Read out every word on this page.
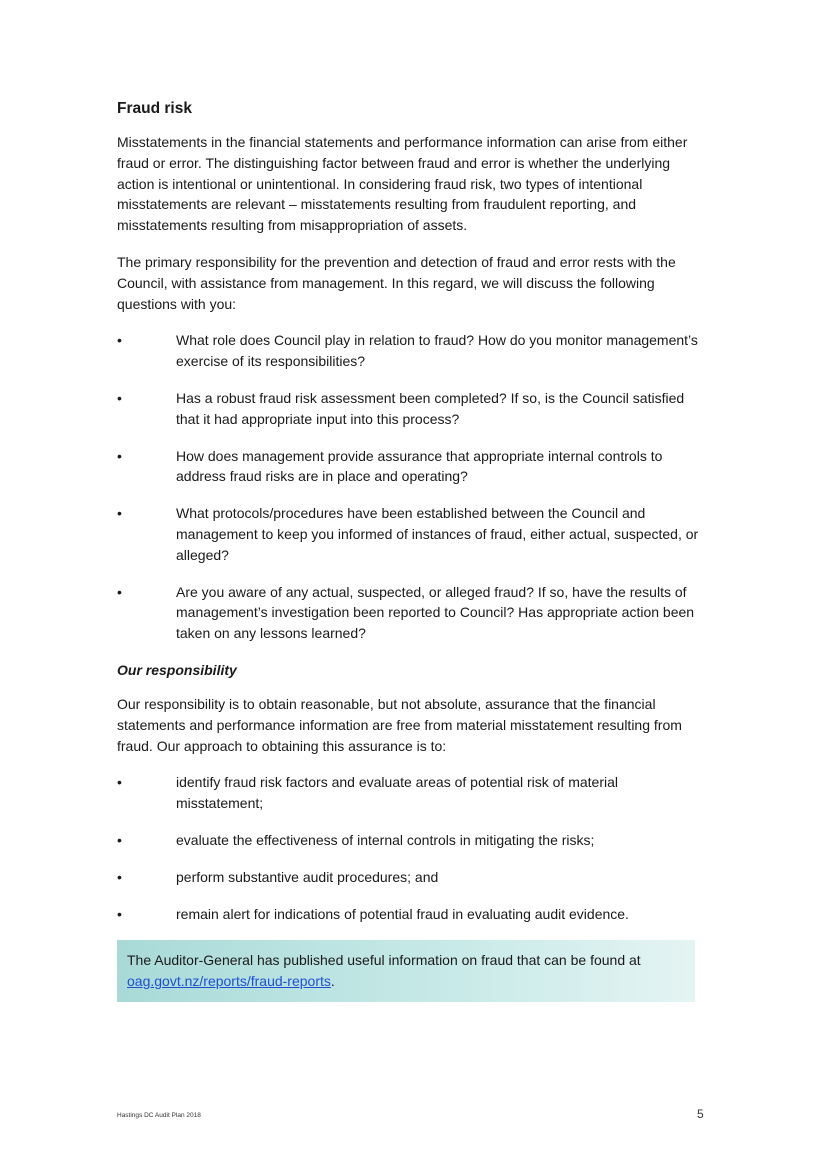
Fraud risk

Misstatements in the financial statements and performance information can arise from either fraud or error. The distinguishing factor between fraud and error is whether the underlying action is intentional or unintentional. In considering fraud risk, two types of intentional misstatements are relevant – misstatements resulting from fraudulent reporting, and misstatements resulting from misappropriation of assets.

The primary responsibility for the prevention and detection of fraud and error rests with the Council, with assistance from management. In this regard, we will discuss the following questions with you:

•	What role does Council play in relation to fraud? How do you monitor management’s exercise of its responsibilities?
•	Has a robust fraud risk assessment been completed? If so, is the Council satisfied that it had appropriate input into this process?
•	How does management provide assurance that appropriate internal controls to address fraud risks are in place and operating?
•	What protocols/procedures have been established between the Council and management to keep you informed of instances of fraud, either actual, suspected, or alleged?
•	Are you aware of any actual, suspected, or alleged fraud? If so, have the results of management’s investigation been reported to Council? Has appropriate action been taken on any lessons learned?
Our responsibility

Our responsibility is to obtain reasonable, but not absolute, assurance that the financial statements and performance information are free from material misstatement resulting from fraud. Our approach to obtaining this assurance is to:

•	identify fraud risk factors and evaluate areas of potential risk of material misstatement;
•	evaluate the effectiveness of internal controls in mitigating the risks;
•	perform substantive audit procedures; and
•	remain alert for indications of potential fraud in evaluating audit evidence.
The Auditor-General has published useful information on fraud that can be found at oag.govt.nz/reports/fraud-reports.
Hastings DC Audit Plan 2018	5
